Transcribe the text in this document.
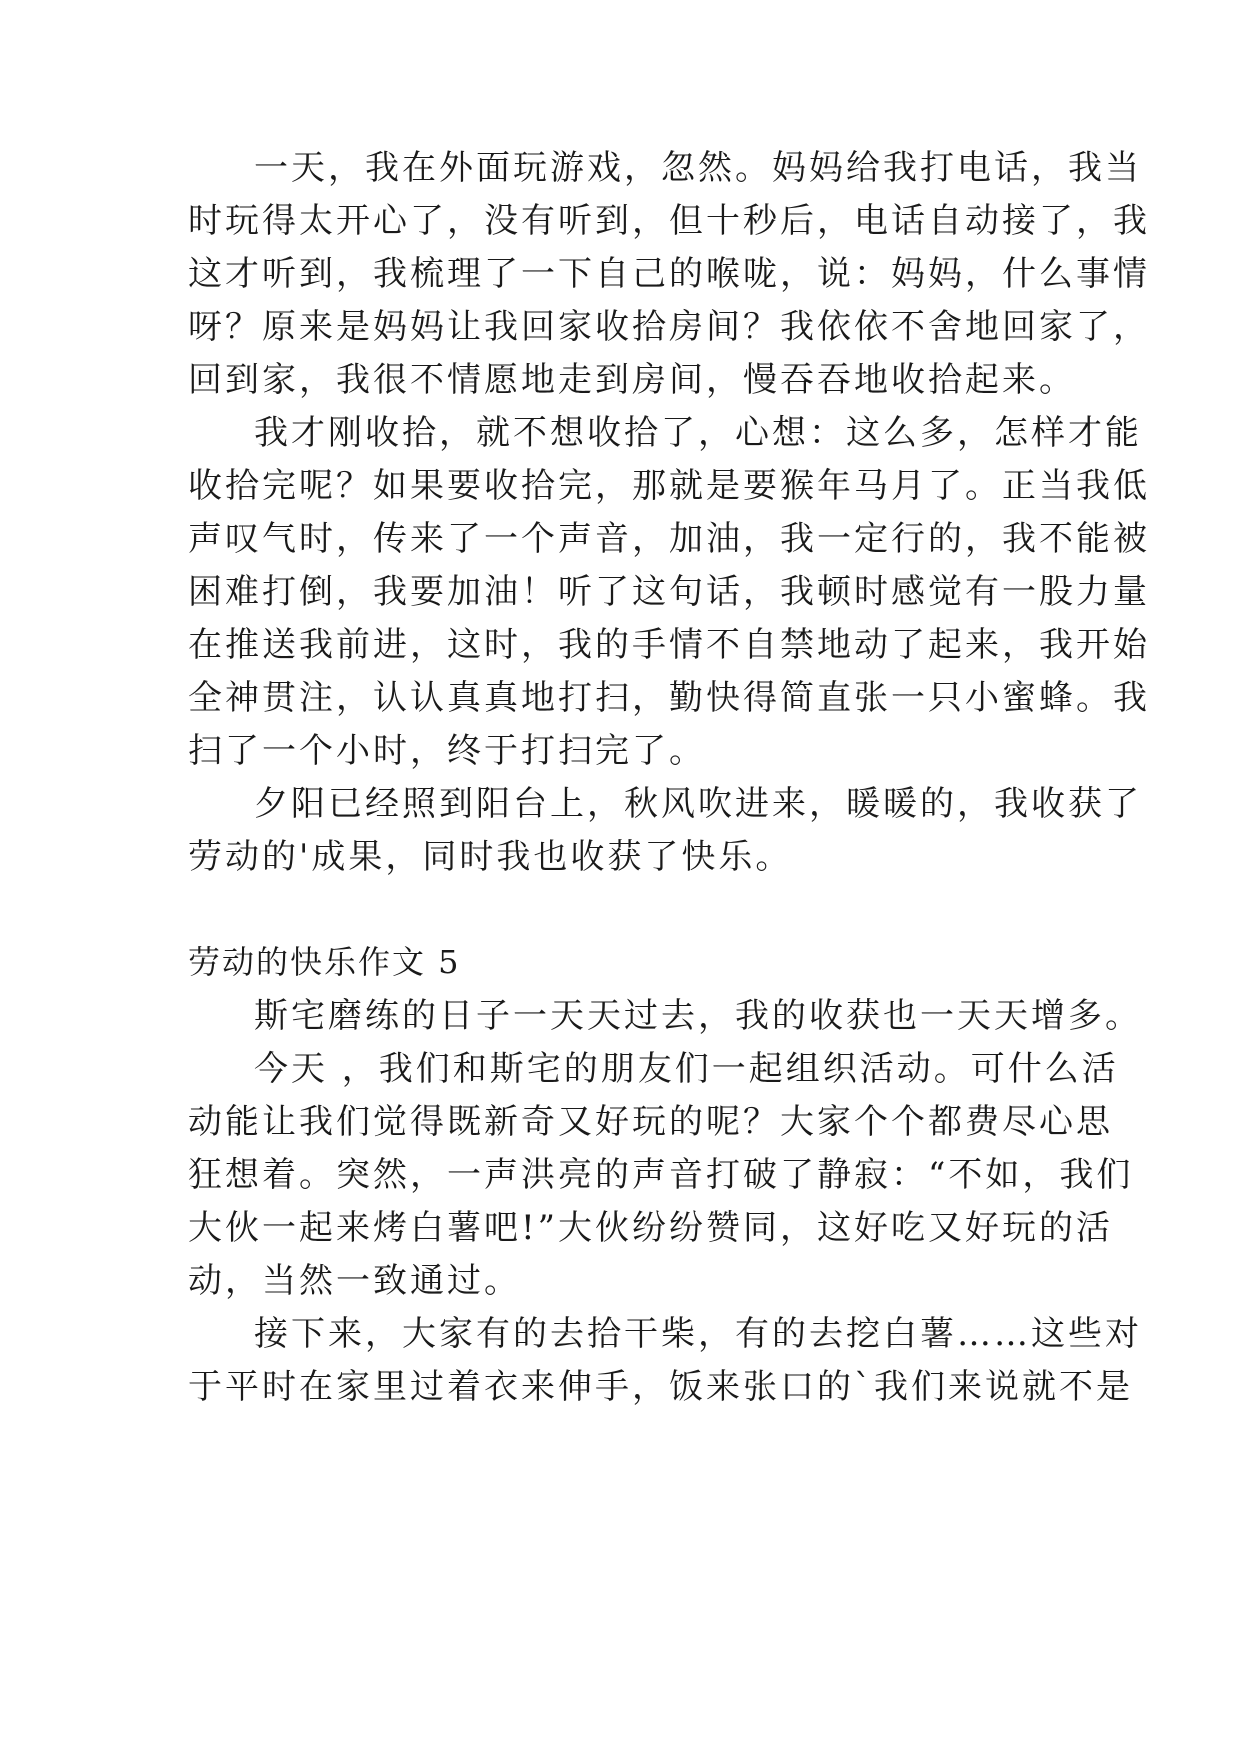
一天，我在外面玩游戏，忽然。妈妈给我打电话，我当
时玩得太开心了，没有听到，但十秒后，电话自动接了，我
这才听到，我梳理了一下自己的喉咙，说：妈妈，什么事情
呀？原来是妈妈让我回家收拾房间？我依依不舍地回家了，
回到家，我很不情愿地走到房间，慢吞吞地收拾起来。
我才刚收拾，就不想收拾了，心想：这么多，怎样才能
收拾完呢？如果要收拾完，那就是要猴年马月了。正当我低
声叹气时，传来了一个声音，加油，我一定行的，我不能被
困难打倒，我要加油！听了这句话，我顿时感觉有一股力量
在推送我前进，这时，我的手情不自禁地动了起来，我开始
全神贯注，认认真真地打扫，勤快得简直张一只小蜜蜂。我
扫了一个小时，终于打扫完了。
夕阳已经照到阳台上，秋风吹进来，暖暖的，我收获了
劳动的'成果，同时我也收获了快乐。
劳动的快乐作文 5
斯宅磨练的日子一天天过去，我的收获也一天天增多。
今天 ，我们和斯宅的朋友们一起组织活动。可什么活
动能让我们觉得既新奇又好玩的呢？大家个个都费尽心思
狂想着。突然，一声洪亮的声音打破了静寂：“不如，我们
大伙一起来烤白薯吧!”大伙纷纷赞同，这好吃又好玩的活
动，当然一致通过。
接下来，大家有的去拾干柴，有的去挖白薯……这些对
于平时在家里过着衣来伸手，饭来张口的`我们来说就不是
